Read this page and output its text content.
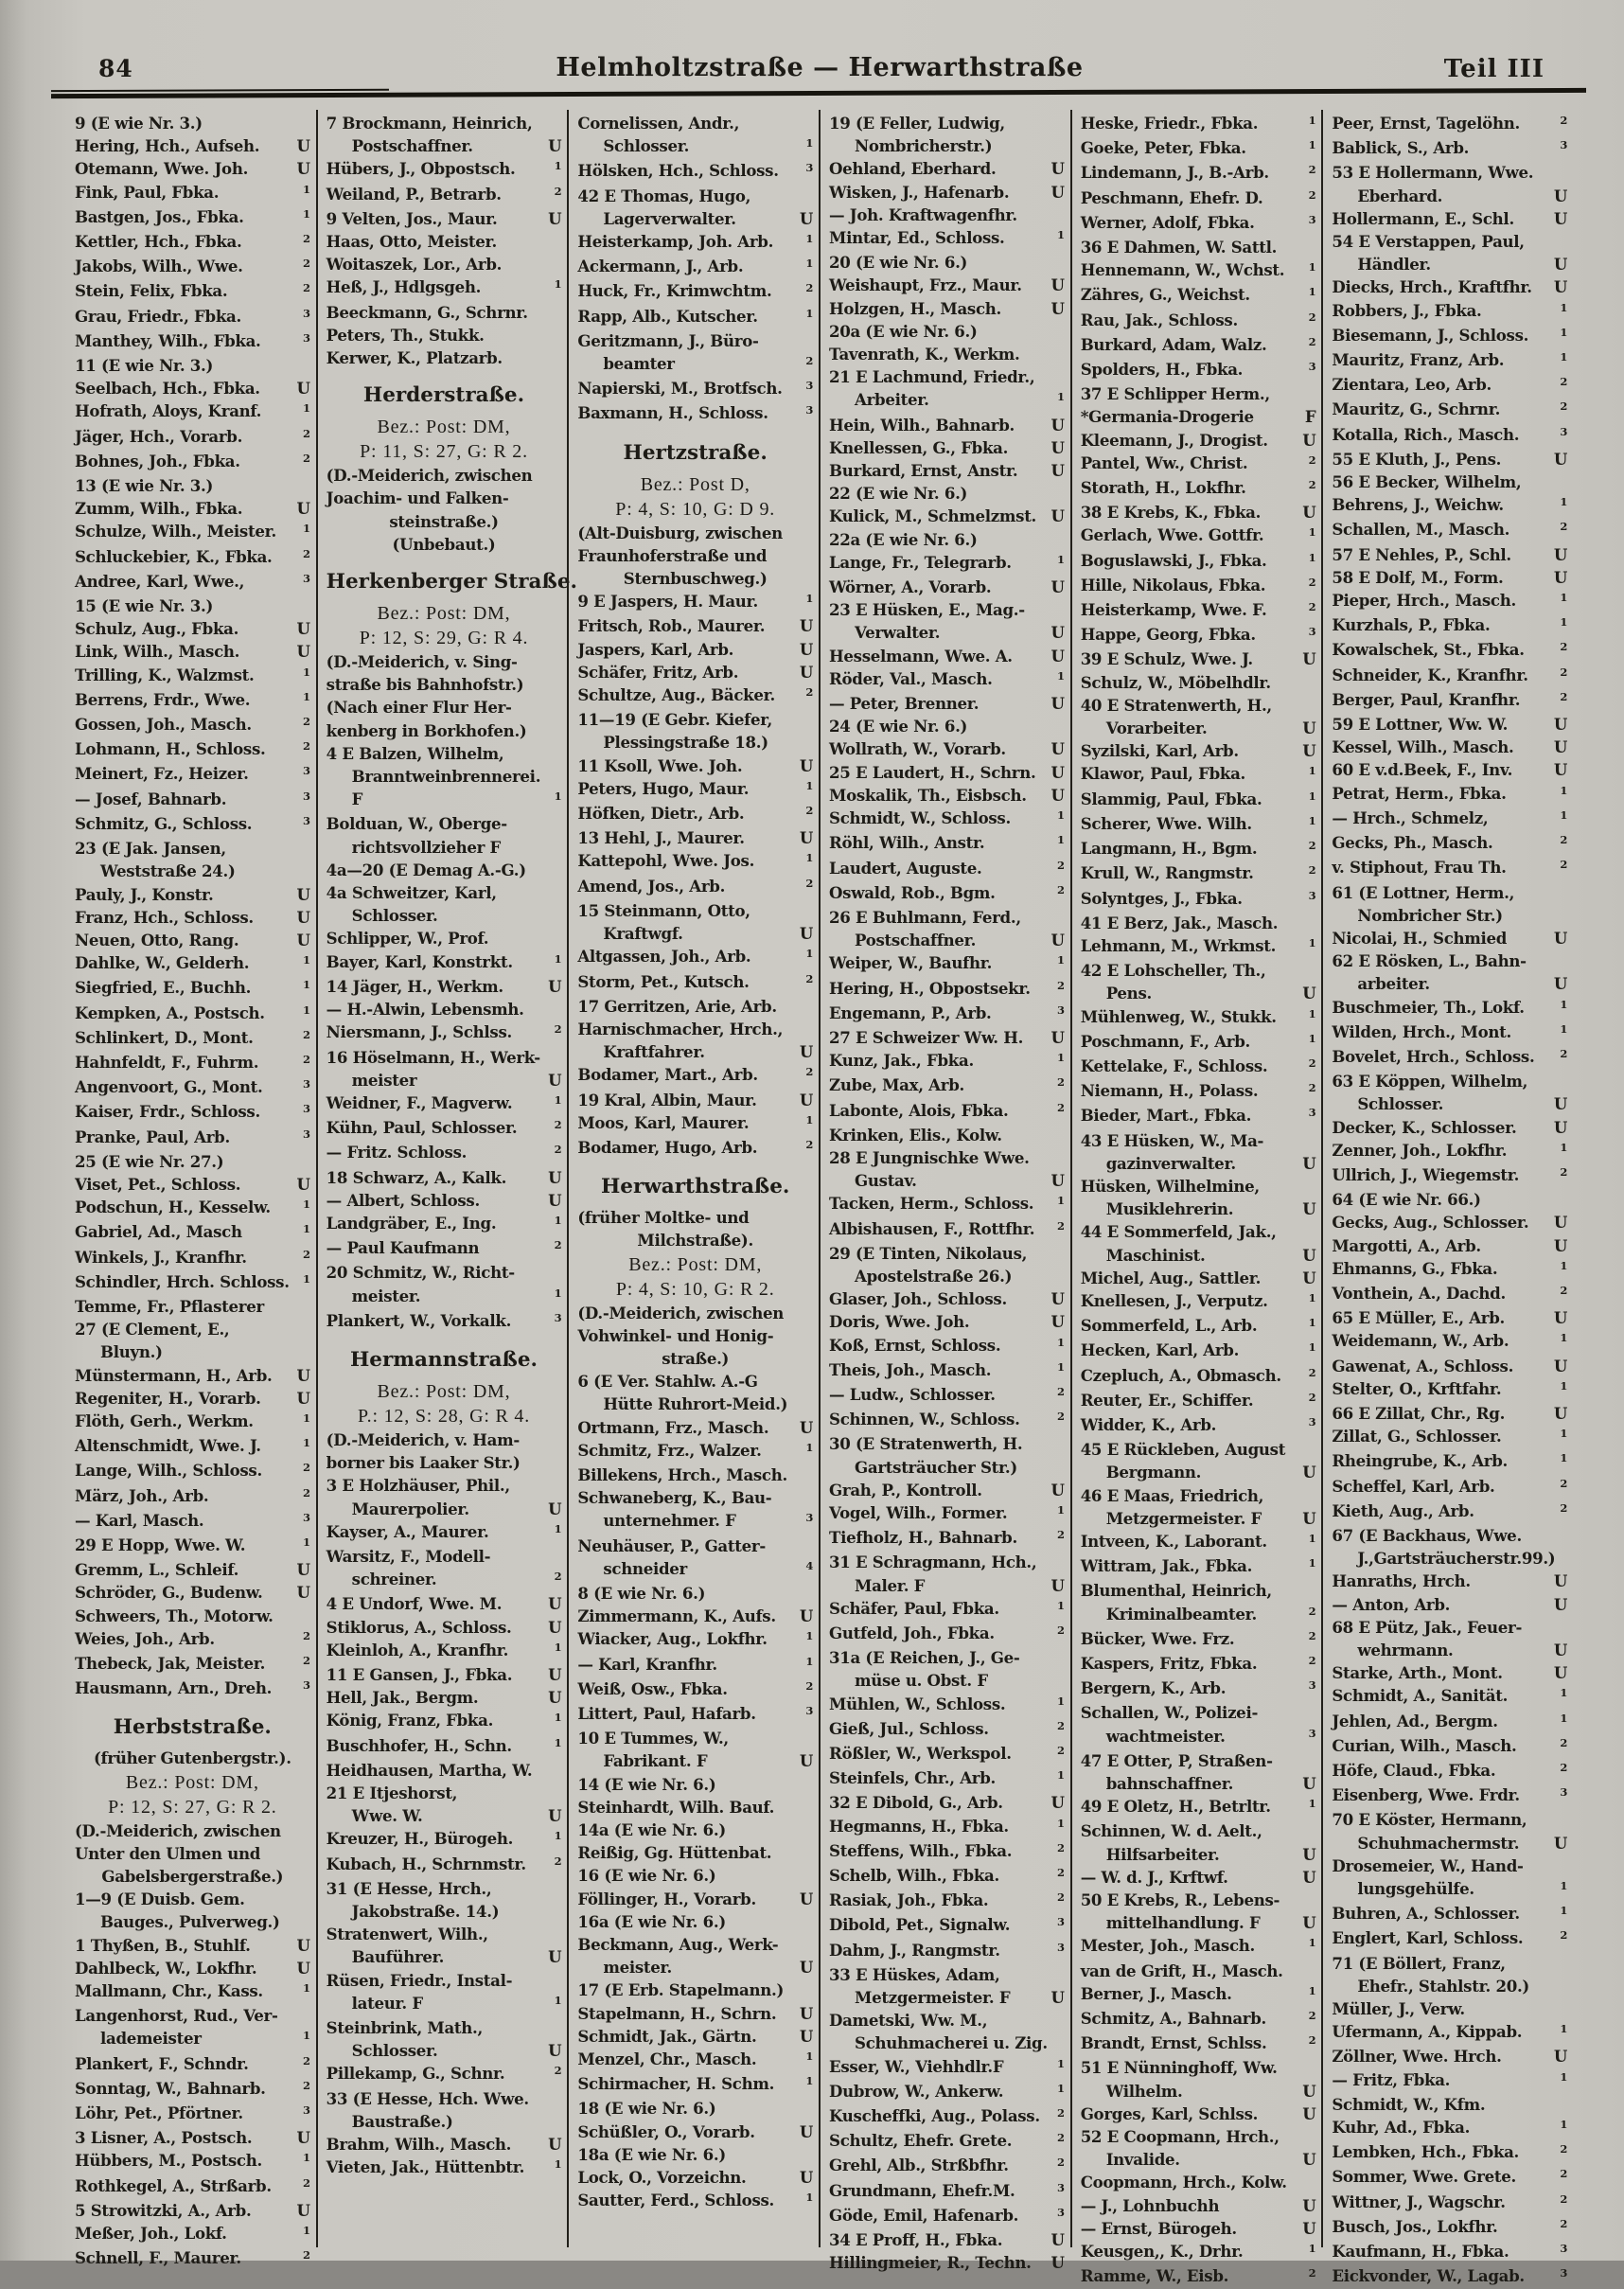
84	Helmholtzstraße — Herwarthstraße	Teil III
9 (E wie Nr. 3.)
Hering, Hch., Aufseh.	U
Otemann, Wwe. Joh.	U
Fink, Paul, Fbka.	1
Bastgen, Jos., Fbka.	1
Kettler, Hch., Fbka.	2
Jakobs, Wilh., Wwe.	2
Stein, Felix, Fbka.	2
Grau, Friedr., Fbka.	3
Manthey, Wilh., Fbka.	3
11 (E wie Nr. 3.)
Seelbach, Hch., Fbka.	U
Hofrath, Aloys, Kranf.	1
Jäger, Hch., Vorarb.	2
Bohnes, Joh., Fbka.	2
13 (E wie Nr. 3.)
Zumm, Wilh., Fbka.	U
Schulze, Wilh., Meister.	1
Schluckebier, K., Fbka.	2
Andree, Karl, Wwe.,	3
15 (E wie Nr. 3.)
Schulz, Aug., Fbka.	U
Link, Wilh., Masch.	U
Trilling, K., Walzmst.	1
Berrens, Frdr., Wwe.	1
Gossen, Joh., Masch.	2
Lohmann, H., Schloss.	2
Meinert, Fz., Heizer.	3
— Josef, Bahnarb.	3
Schmitz, G., Schloss.	3
23 (E Jak. Jansen,
Weststraße 24.)
Pauly, J., Konstr.	U
Franz, Hch., Schloss.	U
Neuen, Otto, Rang.	U
Dahlke, W., Gelderh.	1
Siegfried, E., Buchh.	1
Kempken, A., Postsch.	1
Schlinkert, D., Mont.	2
Hahnfeldt, F., Fuhrm.	2
Angenvoort, G., Mont.	3
Kaiser, Frdr., Schloss.	3
Pranke, Paul, Arb.	3
25 (E wie Nr. 27.)
Viset, Pet., Schloss.	U
Podschun, H., Kesselw.	1
Gabriel, Ad., Masch	1
Winkels, J., Kranfhr.	2
Schindler, Hrch. Schloss.	1
Temme, Fr., Pflasterer
27 (E Clement, E.,
Bluyn.)
Münstermann, H., Arb.	U
Regeniter, H., Vorarb.	U
Flöth, Gerh., Werkm.	1
Altenschmidt, Wwe. J.	1
Lange, Wilh., Schloss.	2
März, Joh., Arb.	2
— Karl, Masch.	3
29 E Hopp, Wwe. W.	1
Gremm, L., Schleif.	U
Schröder, G., Budenw.	U
Schweers, Th., Motorw.
Weies, Joh., Arb.	2
Thebeck, Jak, Meister.	2
Hausmann, Arn., Dreh.	3
Herbststraße.
(früher Gutenbergstr.).
Bez.: Post: DM,
P: 12, S: 27, G: R 2.
(D.-Meiderich, zwischen
Unter den Ulmen und
Gabelsbergerstraße.)
1—9 (E Duisb. Gem.
Bauges., Pulverweg.)
1 Thyßen, B., Stuhlf.	U
Dahlbeck, W., Lokfhr.	U
Mallmann, Chr., Kass.	1
Langenhorst, Rud., Ver-
lademeister	1
Plankert, F., Schndr.	2
Sonntag, W., Bahnarb.	2
Löhr, Pet., Pförtner.	3
3 Lisner, A., Postsch.	U
Hübbers, M., Postsch.	1
Rothkegel, A., Strßarb.	2
5 Strowitzki, A., Arb.	U
Meßer, Joh., Lokf.	1
Schnell, F., Maurer.	2
7 Brockmann, Heinrich,
Postschaffner.	U
Hübers, J., Obpostsch.	1
Weiland, P., Betrarb.	2
9 Velten, Jos., Maur.	U
Haas, Otto, Meister.
Woitaszek, Lor., Arb.
Heß, J., Hdlgsgeh.	1
Beeckmann, G., Schrnr.
Peters, Th., Stukk.
Kerwer, K., Platzarb.
Herderstraße.
Bez.: Post: DM,
P: 11, S: 27, G: R 2.
(D.-Meiderich, zwischen
Joachim- und Falken-
steinstraße.)
(Unbebaut.)
Herkenberger Straße.
Bez.: Post: DM,
P: 12, S: 29, G: R 4.
(D.-Meiderich, v. Sing-
straße bis Bahnhofstr.)
(Nach einer Flur Her-
kenberg in Borkhofen.)
4 E Balzen, Wilhelm,
Branntweinbrennerei.
F	1
Bolduan, W., Oberge-
richtsvollzieher F
4a—20 (E Demag A.-G.)
4a Schweitzer, Karl,
Schlosser.
Schlipper, W., Prof.
Bayer, Karl, Konstrkt.	1
14 Jäger, H., Werkm.	U
— H.-Alwin, Lebensmh.
Niersmann, J., Schlss.	2
16 Höselmann, H., Werk-
meister	U
Weidner, F., Magverw.	1
Kühn, Paul, Schlosser.	2
— Fritz. Schloss.	2
18 Schwarz, A., Kalk.	U
— Albert, Schloss.	U
Landgräber, E., Ing.	1
— Paul Kaufmann	2
20 Schmitz, W., Richt-
meister.	1
Plankert, W., Vorkalk.	3
Hermannstraße.
Bez.: Post: DM,
P.: 12, S: 28, G: R 4.
(D.-Meiderich, v. Ham-
borner bis Laaker Str.)
3 E Holzhäuser, Phil.,
Maurerpolier.	U
Kayser, A., Maurer.	1
Warsitz, F., Modell-
schreiner.	2
4 E Undorf, Wwe. M.	U
Stiklorus, A., Schloss.	U
Kleinloh, A., Kranfhr.	1
11 E Gansen, J., Fbka.	U
Hell, Jak., Bergm.	U
König, Franz, Fbka.	1
Buschhofer, H., Schn.	1
Heidhausen, Martha, W.
21 E Itjeshorst,
Wwe. W.	U
Kreuzer, H., Bürogeh.	1
Kubach, H., Schrnmstr.	2
31 (E Hesse, Hrch.,
Jakobstraße. 14.)
Stratenwert, Wilh.,
Bauführer.	U
Rüsen, Friedr., Instal-
lateur. F	1
Steinbrink, Math.,
Schlosser.	U
Pillekamp, G., Schnr.	2
33 (E Hesse, Hch. Wwe.
Baustraße.)
Brahm, Wilh., Masch.	U
Vieten, Jak., Hüttenbtr.	1
Cornelissen, Andr.,
Schlosser.	1
Hölsken, Hch., Schloss.	3
42 E Thomas, Hugo,
Lagerverwalter.	U
Heisterkamp, Joh. Arb.	1
Ackermann, J., Arb.	1
Huck, Fr., Krimwchtm.	2
Rapp, Alb., Kutscher.	1
Geritzmann, J., Büro-
beamter	2
Napierski, M., Brotfsch.	3
Baxmann, H., Schloss.	3
Hertzstraße.
Bez.: Post D,
P: 4, S: 10, G: D 9.
(Alt-Duisburg, zwischen
Fraunhoferstraße und
Sternbuschweg.)
9 E Jaspers, H. Maur.	1
Fritsch, Rob., Maurer.	U
Jaspers, Karl, Arb.	U
Schäfer, Fritz, Arb.	U
Schultze, Aug., Bäcker.	2
11—19 (E Gebr. Kiefer,
Plessingstraße 18.)
11 Ksoll, Wwe. Joh.	U
Peters, Hugo, Maur.	1
Höfken, Dietr., Arb.	2
13 Hehl, J., Maurer.	U
Kattepohl, Wwe. Jos.	1
Amend, Jos., Arb.	2
15 Steinmann, Otto,
Kraftwgf.	U
Altgassen, Joh., Arb.	1
Storm, Pet., Kutsch.	2
17 Gerritzen, Arie, Arb.
Harnischmacher, Hrch.,
Kraftfahrer.	U
Bodamer, Mart., Arb.	2
19 Kral, Albin, Maur.	U
Moos, Karl, Maurer.	1
Bodamer, Hugo, Arb.	2
Herwarthstraße.
(früher Moltke- und
Milchstraße).
Bez.: Post: DM,
P: 4, S: 10, G: R 2.
(D.-Meiderich, zwischen
Vohwinkel- und Honig-
straße.)
6 (E Ver. Stahlw. A.-G
Hütte Ruhrort-Meid.)
Ortmann, Frz., Masch.	U
Schmitz, Frz., Walzer.	1
Billekens, Hrch., Masch.
Schwaneberg, K., Bau-
unternehmer. F	3
Neuhäuser, P., Gatter-
schneider	4
8 (E wie Nr. 6.)
Zimmermann, K., Aufs.	U
Wiacker, Aug., Lokfhr.	1
— Karl, Kranfhr.	1
Weiß, Osw., Fbka.	2
Littert, Paul, Hafarb.	3
10 E Tummes, W.,
Fabrikant. F	U
14 (E wie Nr. 6.)
Steinhardt, Wilh. Bauf.
14a (E wie Nr. 6.)
Reißig, Gg. Hüttenbat.
16 (E wie Nr. 6.)
Föllinger, H., Vorarb.	U
16a (E wie Nr. 6.)
Beckmann, Aug., Werk-
meister.	U
17 (E Erb. Stapelmann.)
Stapelmann, H., Schrn.	U
Schmidt, Jak., Gärtn.	U
Menzel, Chr., Masch.	1
Schirmacher, H. Schm.	1
18 (E wie Nr. 6.)
Schüßler, O., Vorarb.	U
18a (E wie Nr. 6.)
Lock, O., Vorzeichn.	U
Sautter, Ferd., Schloss.	1
19 (E Feller, Ludwig,
Nombricherstr.)
Oehland, Eberhard.	U
Wisken, J., Hafenarb.	U
— Joh. Kraftwagenfhr.
Mintar, Ed., Schloss.	1
20 (E wie Nr. 6.)
Weishaupt, Frz., Maur.	U
Holzgen, H., Masch.	U
20a (E wie Nr. 6.)
Tavenrath, K., Werkm.
21 E Lachmund, Friedr.,
Arbeiter.	1
Hein, Wilh., Bahnarb.	U
Knellessen, G., Fbka.	U
Burkard, Ernst, Anstr.	U
22 (E wie Nr. 6.)
Kulick, M., Schmelzmst. U
22a (E wie Nr. 6.)
Lange, Fr., Telegrarb.	1
Wörner, A., Vorarb.	U
23 E Hüsken, E., Mag.-
Verwalter.	U
Hesselmann, Wwe. A.	U
Röder, Val., Masch.	1
— Peter, Brenner.	U
24 (E wie Nr. 6.)
Wollrath, W., Vorarb.	U
25 E Laudert, H., Schrn. U
Moskalik, Th., Eisbsch.	U
Schmidt, W., Schloss.	1
Röhl, Wilh., Anstr.	1
Laudert, Auguste.	2
Oswald, Rob., Bgm.	2
26 E Buhlmann, Ferd.,
Postschaffner.	U
Weiper, W., Baufhr.	1
Hering, H., Obpostsekr.	2
Engemann, P., Arb.	3
27 E Schweizer Ww. H.	U
Kunz, Jak., Fbka.	1
Zube, Max, Arb.	2
Labonte, Alois, Fbka.	2
Krinken, Elis., Kolw.
28 E Jungnischke Wwe.
Gustav.	U
Tacken, Herm., Schloss.	1
Albishausen, F., Rottfhr.	2
29 (E Tinten, Nikolaus,
Apostelstraße 26.)
Glaser, Joh., Schloss.	U
Doris, Wwe. Joh.	U
Koß, Ernst, Schloss.	1
Theis, Joh., Masch.	1
— Ludw., Schlosser.	2
Schinnen, W., Schloss.	2
30 (E Stratenwerth, H.
Gartsträucher Str.)
Grah, P., Kontroll.	U
Vogel, Wilh., Former.	1
Tiefholz, H., Bahnarb.	2
31 E Schragmann, Hch.,
Maler. F	U
Schäfer, Paul, Fbka.	1
Gutfeld, Joh., Fbka.	2
31a (E Reichen, J., Ge-
müse u. Obst. F
Mühlen, W., Schloss.	1
Gieß, Jul., Schloss.	2
Rößler, W., Werkspol.	2
Steinfels, Chr., Arb.	1
32 E Dibold, G., Arb.	U
Hegmanns, H., Fbka.	1
Steffens, Wilh., Fbka.	2
Schelb, Wilh., Fbka.	2
Rasiak, Joh., Fbka.	2
Dibold, Pet., Signalw.	3
Dahm, J., Rangmstr.	3
33 E Hüskes, Adam,
Metzgermeister. F	U
Dametski, Ww. M.,
Schuhmacherei u. Zig.
Esser, W., Viehhdlr.F	1
Dubrow, W., Ankerw.	1
Kuscheffki, Aug., Polass.	2
Schultz, Ehefr. Grete.	2
Grehl, Alb., Strßbfhr.	2
Grundmann, Ehefr.M.	3
Göde, Emil, Hafenarb.	3
34 E Proff, H., Fbka.	U
Hillingmeier, R., Techn.	U
Heske, Friedr., Fbka.	1
Goeke, Peter, Fbka.	1
Lindemann, J., B.-Arb.	2
Peschmann, Ehefr. D.	2
Werner, Adolf, Fbka.	3
36 E Dahmen, W. Sattl.
Hennemann, W., Wchst.	1
Zähres, G., Weichst.	1
Rau, Jak., Schloss.	2
Burkard, Adam, Walz.	2
Spolders, H., Fbka.	3
37 E Schlipper Herm.,
*Germania-Drogerie	F
Kleemann, J., Drogist.	U
Pantel, Ww., Christ.	2
Storath, H., Lokfhr.	2
38 E Krebs, K., Fbka.	U
Gerlach, Wwe. Gottfr.	1
Boguslawski, J., Fbka.	1
Hille, Nikolaus, Fbka.	2
Heisterkamp, Wwe. F.	2
Happe, Georg, Fbka.	3
39 E Schulz, Wwe. J.	U
Schulz, W., Möbelhdlr.
40 E Stratenwerth, H.,
Vorarbeiter.	U
Syzilski, Karl, Arb.	U
Klawor, Paul, Fbka.	1
Slammig, Paul, Fbka.	1
Scherer, Wwe. Wilh.	1
Langmann, H., Bgm.	2
Krull, W., Rangmstr.	2
Solyntges, J., Fbka.	3
41 E Berz, Jak., Masch.
Lehmann, M., Wrkmst.	1
42 E Lohscheller, Th.,
Pens.	U
Mühlenweg, W., Stukk.	1
Poschmann, F., Arb.	1
Kettelake, F., Schloss.	2
Niemann, H., Polass.	2
Bieder, Mart., Fbka.	3
43 E Hüsken, W., Ma-
gazinverwalter.	U
Hüsken, Wilhelmine,
Musiklehrerin.	U
44 E Sommerfeld, Jak.,
Maschinist.	U
Michel, Aug., Sattler.	U
Knellesen, J., Verputz.	1
Sommerfeld, L., Arb.	1
Hecken, Karl, Arb.	1
Czepluch, A., Obmasch.	2
Reuter, Er., Schiffer.	2
Widder, K., Arb.	3
45 E Rückleben, August
Bergmann.	U
46 E Maas, Friedrich,
Metzgermeister. F	U
Intveen, K., Laborant.	1
Wittram, Jak., Fbka.	1
Blumenthal, Heinrich,
Kriminalbeamter.	2
Bücker, Wwe. Frz.	2
Kaspers, Fritz, Fbka.	2
Bergern, K., Arb.	3
Schallen, W., Polizei-
wachtmeister.	3
47 E Otter, P, Straßen-
bahnschaffner.	U
49 E Oletz, H., Betrltr.	1
Schinnen, W. d. Aelt.,
Hilfsarbeiter.	U
— W. d. J., Krftwf.	U
50 E Krebs, R., Lebens-
mittelhandlung. F	U
Mester, Joh., Masch.	1
van de Grift, H., Masch.
Berner, J., Masch.	1
Schmitz, A., Bahnarb.	2
Brandt, Ernst, Schlss.	2
51 E Nünninghoff, Ww.
Wilhelm.	U
Gorges, Karl, Schlss.	U
52 E Coopmann, Hrch.,
Invalide.	U
Coopmann, Hrch., Kolw.
— J., Lohnbuchh	U
— Ernst, Bürogeh.	U
Keusgen,, K., Drhr.	1
Ramme, W., Eisb.	2
Peer, Ernst, Tagelöhn.	2
Bablick, S., Arb.	3
53 E Hollermann, Wwe.
Eberhard.	U
Hollermann, E., Schl.	U
54 E Verstappen, Paul,
Händler.	U
Diecks, Hrch., Kraftfhr.	U
Robbers, J., Fbka.	1
Biesemann, J., Schloss.	1
Mauritz, Franz, Arb.	1
Zientara, Leo, Arb.	2
Mauritz, G., Schrnr.	2
Kotalla, Rich., Masch.	3
55 E Kluth, J., Pens.	U
56 E Becker, Wilhelm,
Behrens, J., Weichw.	1
Schallen, M., Masch.	2
57 E Nehles, P., Schl.	U
58 E Dolf, M., Form.	U
Pieper, Hrch., Masch.	1
Kurzhals, P., Fbka.	1
Kowalschek, St., Fbka.	2
Schneider, K., Kranfhr.	2
Berger, Paul, Kranfhr.	2
59 E Lottner, Ww. W.	U
Kessel, Wilh., Masch.	U
60 E v.d.Beek, F., Inv.	U
Petrat, Herm., Fbka.	1
— Hrch., Schmelz,	1
Gecks, Ph., Masch.	2
v. Stiphout, Frau Th.	2
61 (E Lottner, Herm.,
Nombricher Str.)
Nicolai, H., Schmied	U
62 E Rösken, L., Bahn-
arbeiter.	U
Buschmeier, Th., Lokf.	1
Wilden, Hrch., Mont.	1
Bovelet, Hrch., Schloss.	2
63 E Köppen, Wilhelm,
Schlosser.	U
Decker, K., Schlosser.	U
Zenner, Joh., Lokfhr.	1
Ullrich, J., Wiegemstr.	2
64 (E wie Nr. 66.)
Gecks, Aug., Schlosser.	U
Margotti, A., Arb.	U
Ehmanns, G., Fbka.	1
Vonthein, A., Dachd.	2
65 E Müller, E., Arb.	U
Weidemann, W., Arb.	1
Gawenat, A., Schloss.	U
Stelter, O., Krftfahr.	1
66 E Zillat, Chr., Rg.	U
Zillat, G., Schlosser.	1
Rheingrube, K., Arb.	1
Scheffel, Karl, Arb.	2
Kieth, Aug., Arb.	2
67 (E Backhaus, Wwe.
J.,Gartsträucherstr.99.)
Hanraths, Hrch.	U
— Anton, Arb.	U
68 E Pütz, Jak., Feuer-
wehrmann.	U
Starke, Arth., Mont.	U
Schmidt, A., Sanität.	1
Jehlen, Ad., Bergm.	1
Curian, Wilh., Masch.	2
Höfe, Claud., Fbka.	2
Eisenberg, Wwe. Frdr.	3
70 E Köster, Hermann,
Schuhmachermstr.	U
Drosemeier, W., Hand-
lungsgehülfe.	1
Buhren, A., Schlosser.	1
Englert, Karl, Schloss.	2
71 (E Böllert, Franz,
Ehefr., Stahlstr. 20.)
Müller, J., Verw.
Ufermann, A., Kippab.	1
Zöllner, Wwe. Hrch.	U
— Fritz, Fbka.	1
Schmidt, W., Kfm.
Kuhr, Ad., Fbka.	1
Lembken, Hch., Fbka.	2
Sommer, Wwe. Grete.	2
Wittner, J., Wagschr.	2
Busch, Jos., Lokfhr.	2
Kaufmann, H., Fbka.	3
Eickvonder, W., Lagab.	3
